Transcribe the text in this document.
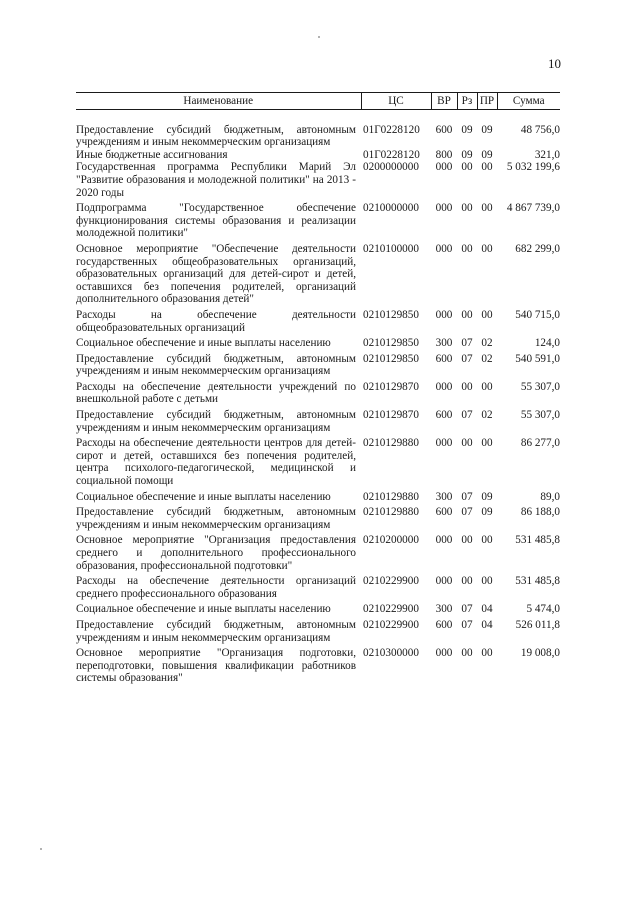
10
Наименование	ЦС	ВР	Рз	ПР	Сумма
Предоставление субсидий бюджетным, автономным учреждениям и иным некоммерческим организациям	01Г0228120	600	09	09	48 756,0
Иные бюджетные ассигнования	01Г0228120	800	09	09	321,0
Государственная программа Республики Марий Эл "Развитие образования и молодежной политики" на 2013 - 2020 годы	0200000000	000	00	00	5 032 199,6
Подпрограмма "Государственное обеспечение функционирования системы образования и реализации молодежной политики"	0210000000	000	00	00	4 867 739,0
Основное мероприятие "Обеспечение деятельности государственных общеобразовательных организаций, образовательных организаций для детей-сирот и детей, оставшихся без попечения родителей, организаций дополнительного образования детей"	0210100000	000	00	00	682 299,0
Расходы на обеспечение деятельности общеобразовательных организаций	0210129850	000	00	00	540 715,0
Социальное обеспечение и иные выплаты населению	0210129850	300	07	02	124,0
Предоставление субсидий бюджетным, автономным учреждениям и иным некоммерческим организациям	0210129850	600	07	02	540 591,0
Расходы на обеспечение деятельности учреждений по внешкольной работе с детьми	0210129870	000	00	00	55 307,0
Предоставление субсидий бюджетным, автономным учреждениям и иным некоммерческим организациям	0210129870	600	07	02	55 307,0
Расходы на обеспечение деятельности центров для детей-сирот и детей, оставшихся без попечения родителей, центра психолого-педагогической, медицинской и социальной помощи	0210129880	000	00	00	86 277,0
Социальное обеспечение и иные выплаты населению	0210129880	300	07	09	89,0
Предоставление субсидий бюджетным, автономным учреждениям и иным некоммерческим организациям	0210129880	600	07	09	86 188,0
Основное мероприятие "Организация предоставления среднего и дополнительного профессионального образования, профессиональной подготовки"	0210200000	000	00	00	531 485,8
Расходы на обеспечение деятельности организаций среднего профессионального образования	0210229900	000	00	00	531 485,8
Социальное обеспечение и иные выплаты населению	0210229900	300	07	04	5 474,0
Предоставление субсидий бюджетным, автономным учреждениям и иным некоммерческим организациям	0210229900	600	07	04	526 011,8
Основное мероприятие "Организация подготовки, переподготовки, повышения квалификации работников системы образования"	0210300000	000	00	00	19 008,0
